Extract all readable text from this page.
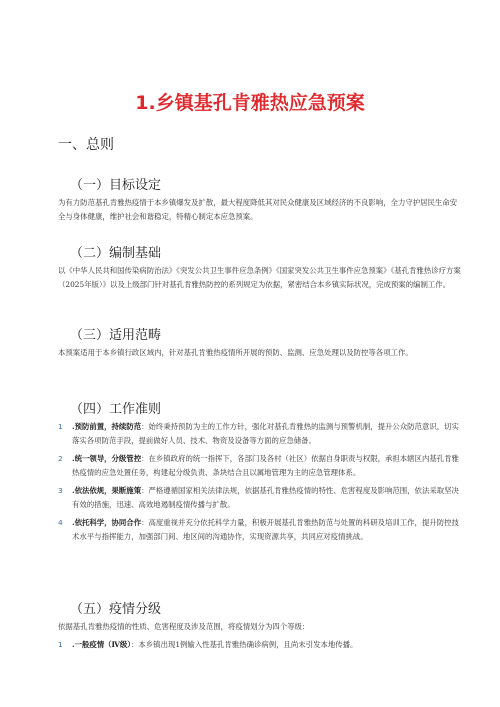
1.乡镇基孔肯雅热应急预案
一、总则
（一）目标设定

为有力防范基孔肯雅热疫情于本乡镇爆发及扩散，最大程度降低其对民众健康及区域经济的不良影响，全力守护居民生命安全与身体健康，维护社会和谐稳定，特精心制定本应急预案。

（二）编制基础

以《中华人民共和国传染病防治法》《突发公共卫生事件应急条例》《国家突发公共卫生事件应急预案》《基孔肯雅热诊疗方案（2025年版）》以及上级部门针对基孔肯雅热防控的系列规定为依据，紧密结合本乡镇实际状况，完成预案的编制工作。

（三）适用范畴

本预案适用于本乡镇行政区域内，针对基孔肯雅热疫情所开展的预防、监测、应急处理以及防控等各项工作。

（四）工作准则
1	.预防前置，持续防范：始终秉持预防为主的工作方针，强化对基孔肯雅热的监测与预警机制，提升公众防范意识，切实落实各项防范手段，提前做好人员、技术、物资及设备等方面的应急储备。
2	.统一领导，分级管控：在乡镇政府的统一指挥下，各部门及各村（社区）依据自身职责与权限，承担本辖区内基孔肯雅热疫情的应急处置任务，构建起分级负责、条块结合且以属地管理为主的应急管理体系。
3	.依法依规，果断施策：严格遵循国家相关法律法规，依据基孔肯雅热疫情的特性、危害程度及影响范围，依法采取坚决有效的措施，迅速、高效地遏制疫情传播与扩散。
4	.依托科学，协同合作：高度重视并充分依托科学力量，积极开展基孔肯雅热防范与处置的科研及培训工作，提升防控技术水平与指挥能力，加强部门间、地区间的沟通协作，实现资源共享，共同应对疫情挑战。
（五）疫情分级

依据基孔肯雅热疫情的性质、危害程度及涉及范围，将疫情划分为四个等级：

1	.一般疫情（Ⅳ级）：本乡镇出现1例输入性基孔肯雅热确诊病例，且尚未引发本地传播。
